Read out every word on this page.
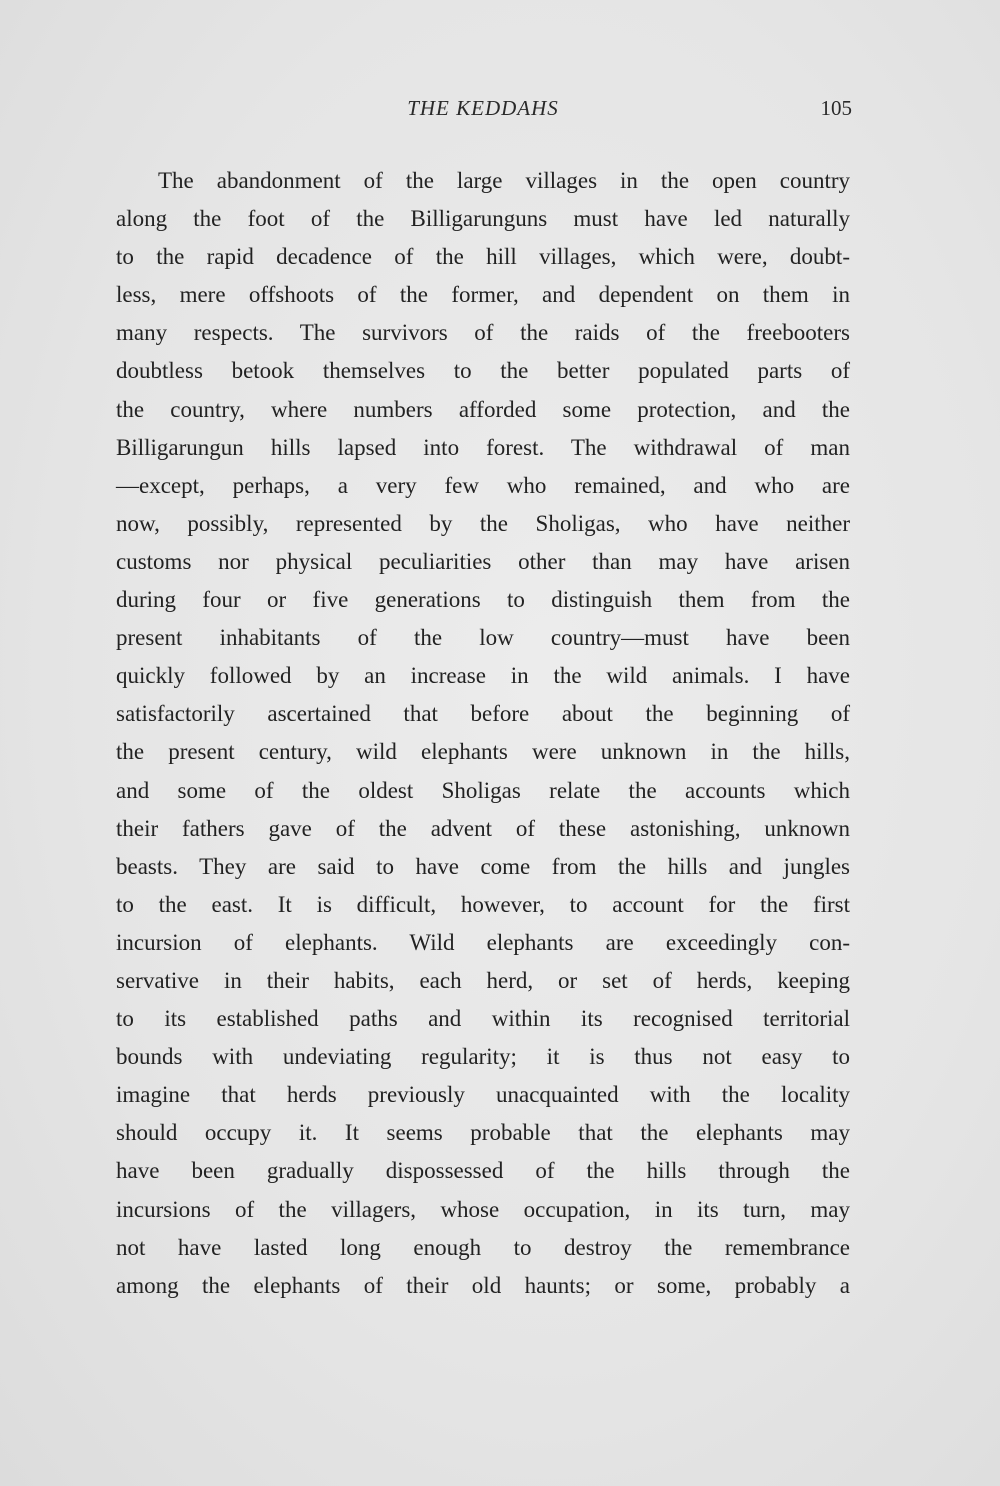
THE KEDDAHS	105
The abandonment of the large villages in the open country
along the foot of the Billigarunguns must have led naturally
to the rapid decadence of the hill villages, which were, doubt-
less, mere offshoots of the former, and dependent on them in
many respects. The survivors of the raids of the freebooters
doubtless betook themselves to the better populated parts of
the country, where numbers afforded some protection, and the
Billigarungun hills lapsed into forest. The withdrawal of man
—except, perhaps, a very few who remained, and who are
now, possibly, represented by the Sholigas, who have neither
customs nor physical peculiarities other than may have arisen
during four or five generations to distinguish them from the
present inhabitants of the low country—must have been
quickly followed by an increase in the wild animals. I have
satisfactorily ascertained that before about the beginning of
the present century, wild elephants were unknown in the hills,
and some of the oldest Sholigas relate the accounts which
their fathers gave of the advent of these astonishing, unknown
beasts. They are said to have come from the hills and jungles
to the east. It is difficult, however, to account for the first
incursion of elephants. Wild elephants are exceedingly con-
servative in their habits, each herd, or set of herds, keeping
to its established paths and within its recognised territorial
bounds with undeviating regularity; it is thus not easy to
imagine that herds previously unacquainted with the locality
should occupy it. It seems probable that the elephants may
have been gradually dispossessed of the hills through the
incursions of the villagers, whose occupation, in its turn, may
not have lasted long enough to destroy the remembrance
among the elephants of their old haunts; or some, probably a
